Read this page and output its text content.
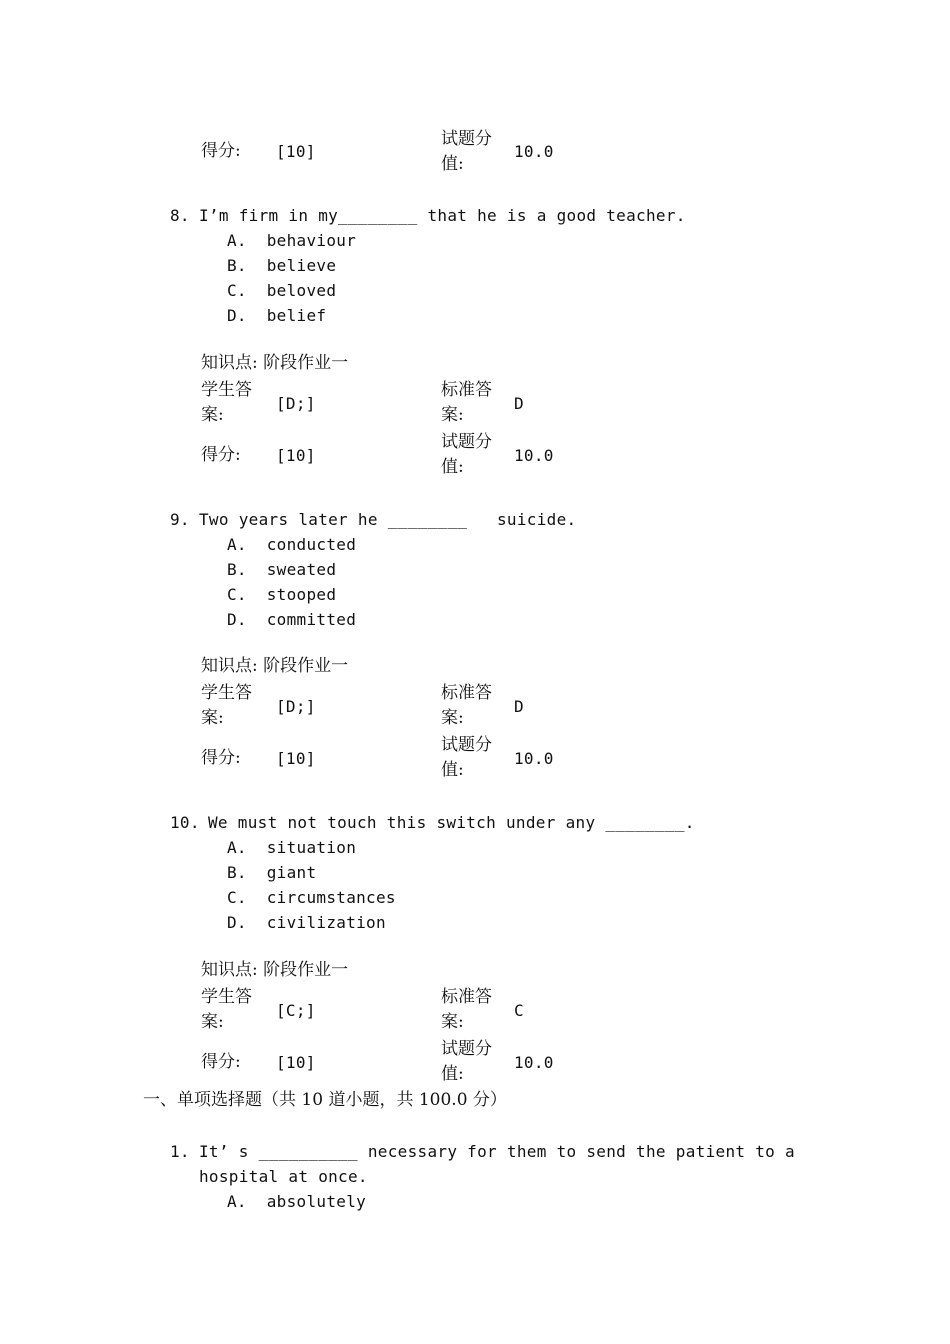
得分: [10]
试题分
值:
10.0
8. I’m firm in my________ that he is a good teacher.
A.  behaviour
B.  believe
C.  beloved
D.  belief
知识点: 阶段作业一
学生答
案:
[D;]
标准答
案:
D
得分: [10]
试题分
值:
10.0
9. Two years later he ________   suicide.
A.  conducted
B.  sweated
C.  stooped
D.  committed
知识点: 阶段作业一
学生答
案:
[D;]
标准答
案:
D
得分: [10]
试题分
值:
10.0
10. We must not touch this switch under any ________.
A.  situation
B.  giant
C.  circumstances
D.  civilization
知识点: 阶段作业一
学生答
案:
[C;]
标准答
案:
C
得分: [10]
试题分
值:
10.0
一、单项选择题（共 10 道小题，共 100.0 分）
1. It’ s __________ necessary for them to send the patient to a
hospital at once.
A.  absolutely
